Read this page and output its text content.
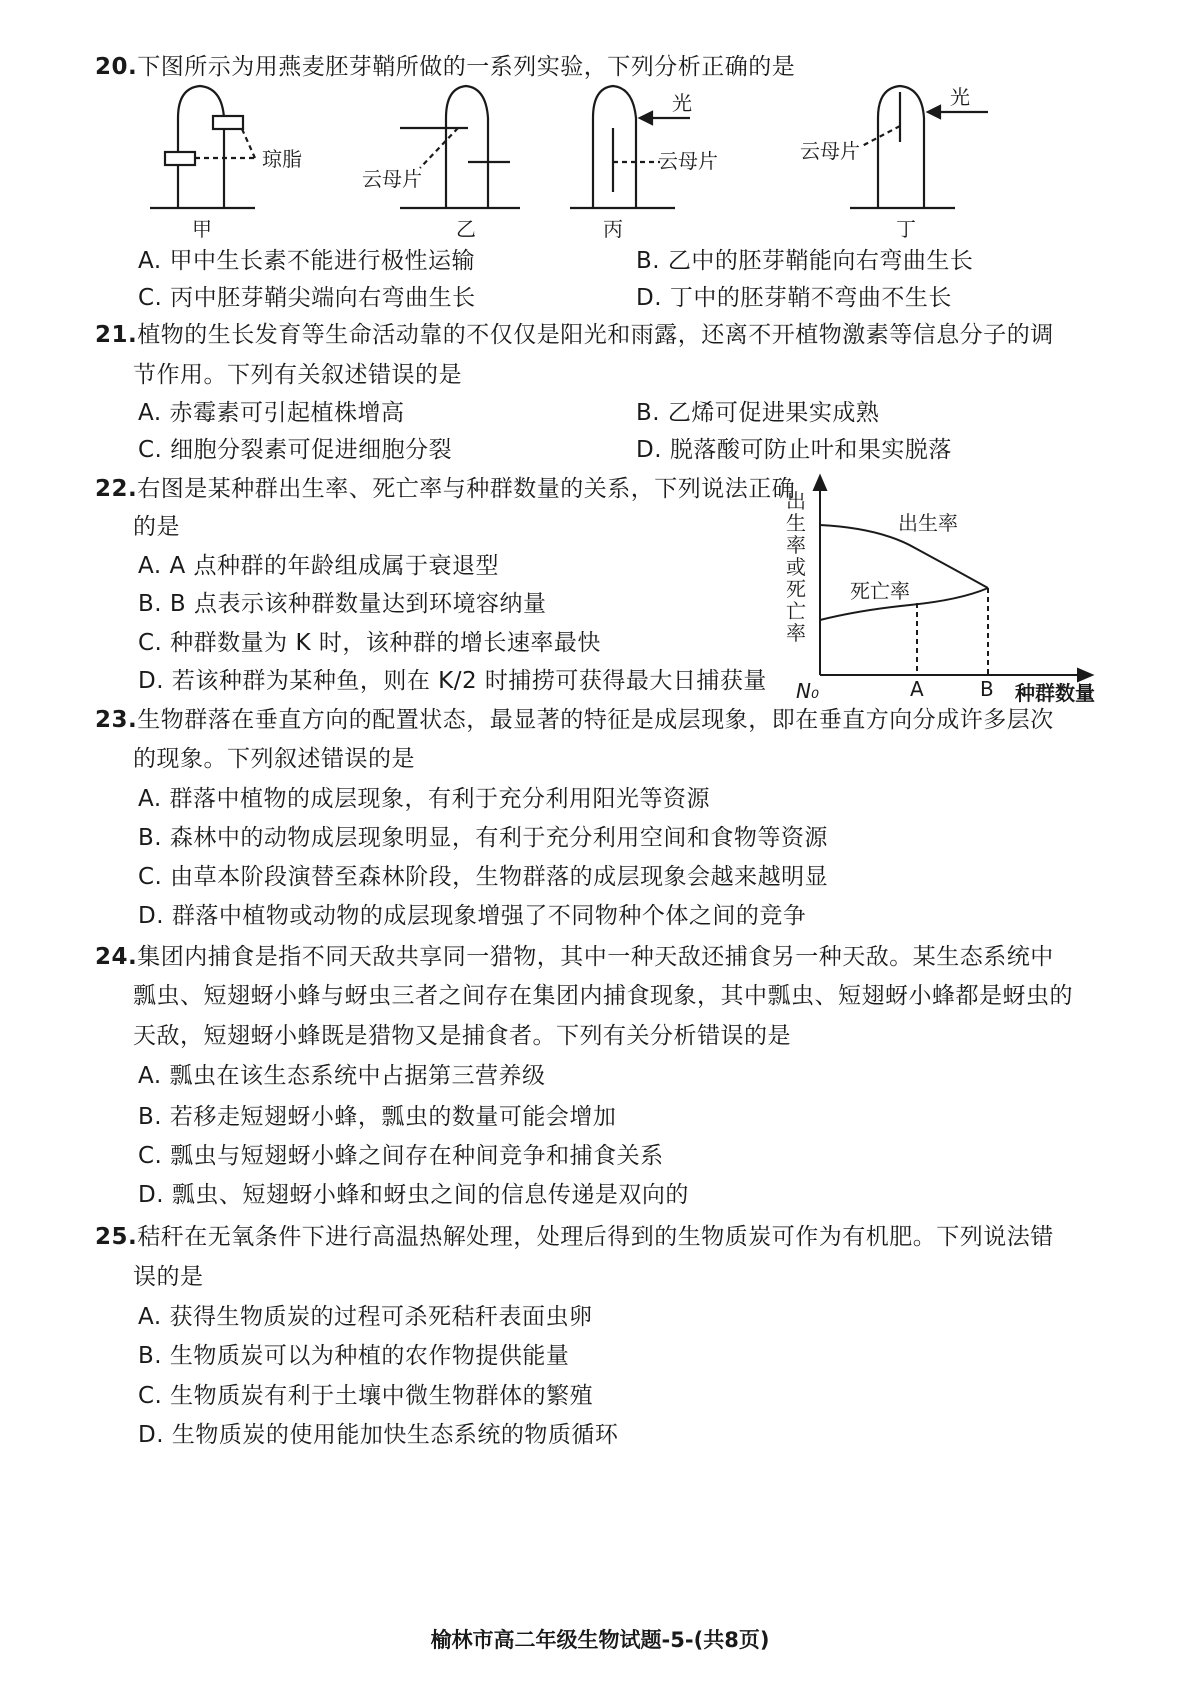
20.下图所示为用燕麦胚芽鞘所做的一系列实验，下列分析正确的是
琼脂
甲
云母片
乙
光
云母片
丙
光
云母片
丁
A. 甲中生长素不能进行极性运输	B. 乙中的胚芽鞘能向右弯曲生长
C. 丙中胚芽鞘尖端向右弯曲生长	D. 丁中的胚芽鞘不弯曲不生长
21.植物的生长发育等生命活动靠的不仅仅是阳光和雨露，还离不开植物激素等信息分子的调
节作用。下列有关叙述错误的是
A. 赤霉素可引起植株增高	B. 乙烯可促进果实成熟
C. 细胞分裂素可促进细胞分裂	D. 脱落酸可防止叶和果实脱落
22.右图是某种群出生率、死亡率与种群数量的关系，下列说法正确
的是
A. A 点种群的年龄组成属于衰退型
B. B 点表示该种群数量达到环境容纳量
C. 种群数量为 K 时，该种群的增长速率最快
D. 若该种群为某种鱼，则在 K/2 时捕捞可获得最大日捕获量
出
生
率
或
死
亡
率
出生率
死亡率
N₀	A	B 种群数量
23.生物群落在垂直方向的配置状态，最显著的特征是成层现象，即在垂直方向分成许多层次
的现象。下列叙述错误的是
A. 群落中植物的成层现象，有利于充分利用阳光等资源
B. 森林中的动物成层现象明显，有利于充分利用空间和食物等资源
C. 由草本阶段演替至森林阶段，生物群落的成层现象会越来越明显
D. 群落中植物或动物的成层现象增强了不同物种个体之间的竞争
24.集团内捕食是指不同天敌共享同一猎物，其中一种天敌还捕食另一种天敌。某生态系统中
瓢虫、短翅蚜小蜂与蚜虫三者之间存在集团内捕食现象，其中瓢虫、短翅蚜小蜂都是蚜虫的
天敌，短翅蚜小蜂既是猎物又是捕食者。下列有关分析错误的是
A. 瓢虫在该生态系统中占据第三营养级
B. 若移走短翅蚜小蜂，瓢虫的数量可能会增加
C. 瓢虫与短翅蚜小蜂之间存在种间竞争和捕食关系
D. 瓢虫、短翅蚜小蜂和蚜虫之间的信息传递是双向的
25.秸秆在无氧条件下进行高温热解处理，处理后得到的生物质炭可作为有机肥。下列说法错
误的是
A. 获得生物质炭的过程可杀死秸秆表面虫卵
B. 生物质炭可以为种植的农作物提供能量
C. 生物质炭有利于土壤中微生物群体的繁殖
D. 生物质炭的使用能加快生态系统的物质循环
榆林市高二年级生物试题-5-(共8页)
